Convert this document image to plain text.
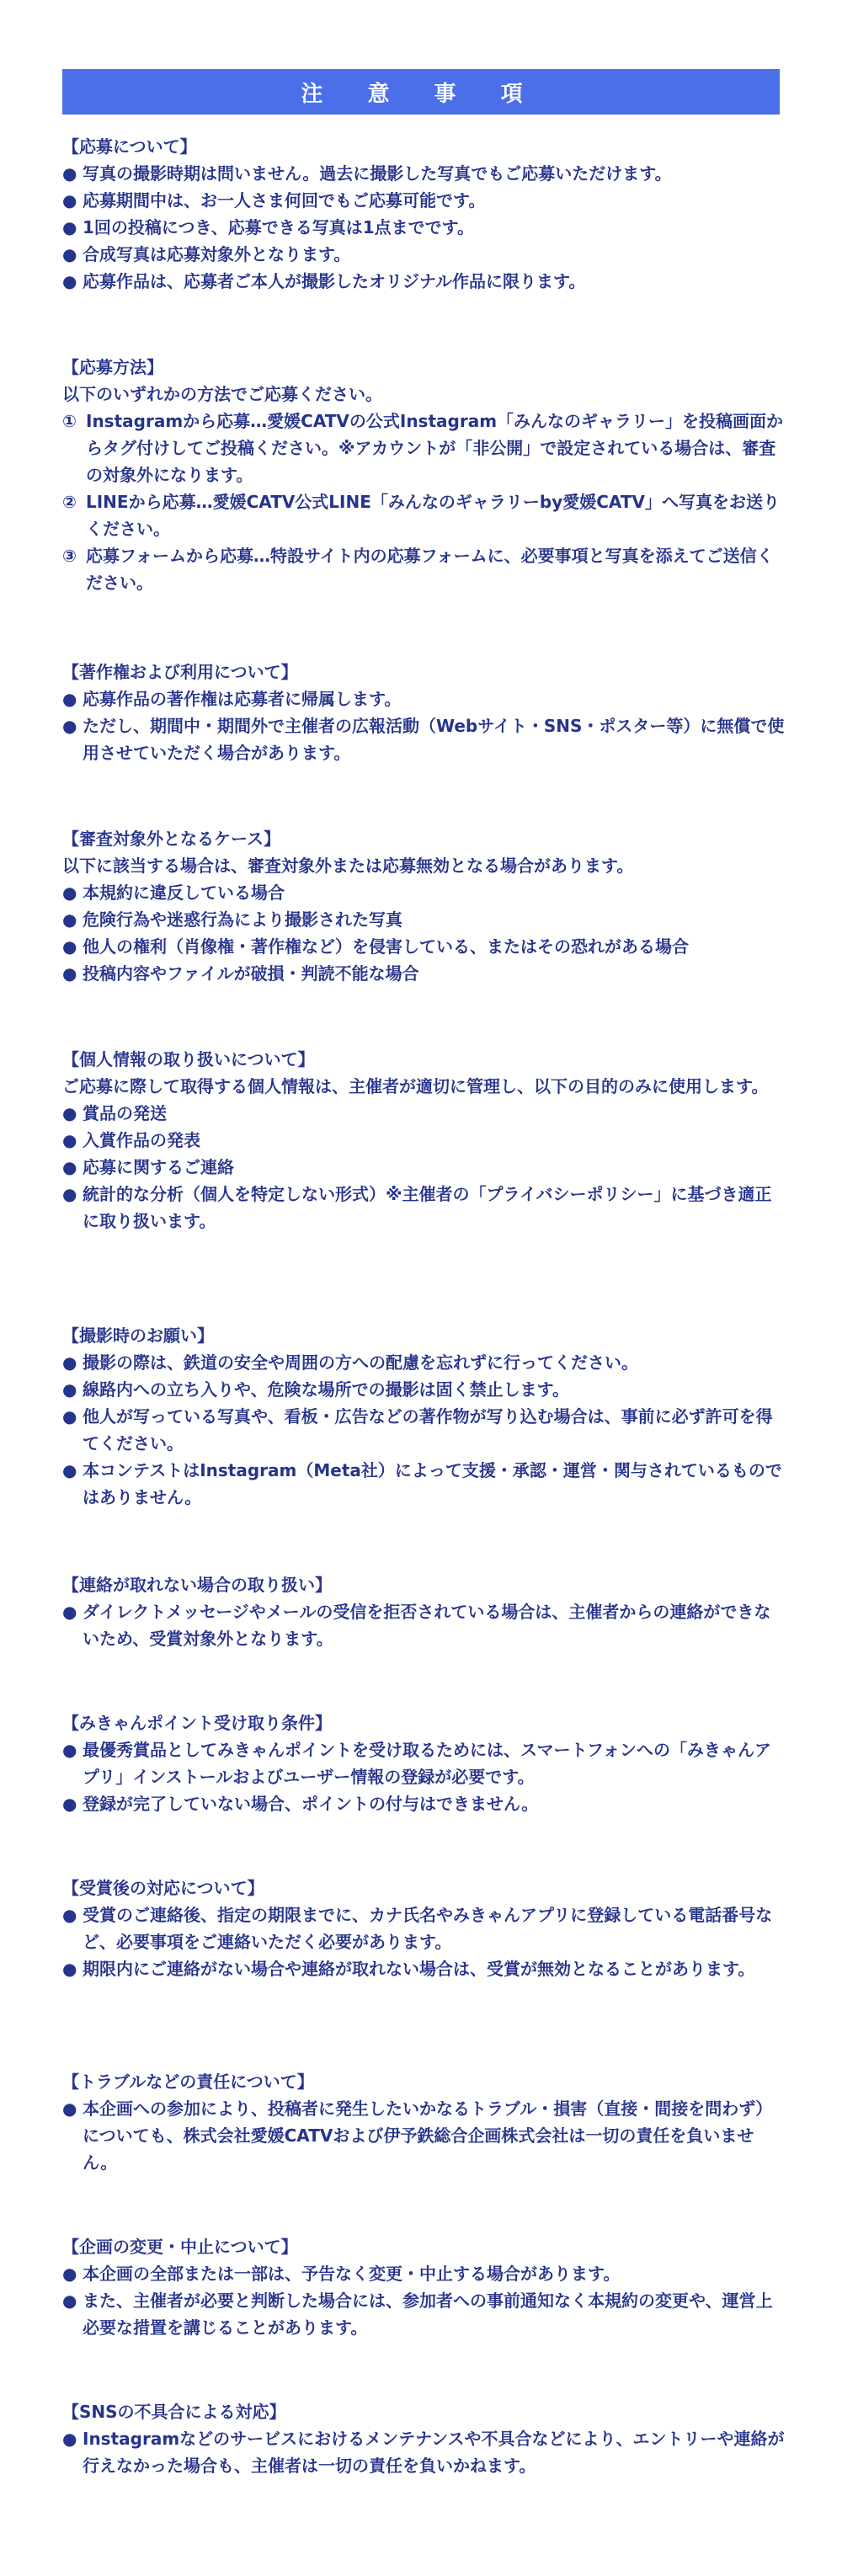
注 意 事 項

【応募について】

● 写真の撮影時期は問いません。過去に撮影した写真でもご応募いただけます。

● 応募期間中は、お一人さま何回でもご応募可能です。

● 1回の投稿につき、応募できる写真は1点までです。

● 合成写真は応募対象外となります。

● 応募作品は、応募者ご本人が撮影したオリジナル作品に限ります。

【応募方法】

以下のいずれかの方法でご応募ください。

① Instagramから応募…愛媛CATVの公式Instagram「みんなのギャラリー」を投稿画面からタグ付けしてご投稿ください。※アカウントが「非公開」で設定されている場合は、審査の対象外になります。

② LINEから応募…愛媛CATV公式LINE「みんなのギャラリーby愛媛CATV」へ写真をお送りください。

③ 応募フォームから応募…特設サイト内の応募フォームに、必要事項と写真を添えてご送信ください。

【著作権および利用について】

● 応募作品の著作権は応募者に帰属します。

● ただし、期間中・期間外で主催者の広報活動（Webサイト・SNS・ポスター等）に無償で使用させていただく場合があります。

【審査対象外となるケース】

以下に該当する場合は、審査対象外または応募無効となる場合があります。

● 本規約に違反している場合

● 危険行為や迷惑行為により撮影された写真

● 他人の権利（肖像権・著作権など）を侵害している、またはその恐れがある場合

● 投稿内容やファイルが破損・判読不能な場合

【個人情報の取り扱いについて】

ご応募に際して取得する個人情報は、主催者が適切に管理し、以下の目的のみに使用します。

● 賞品の発送

● 入賞作品の発表

● 応募に関するご連絡

● 統計的な分析（個人を特定しない形式）※主催者の「プライバシーポリシー」に基づき適正に取り扱います。

【撮影時のお願い】

● 撮影の際は、鉄道の安全や周囲の方への配慮を忘れずに行ってください。

● 線路内への立ち入りや、危険な場所での撮影は固く禁止します。

● 他人が写っている写真や、看板・広告などの著作物が写り込む場合は、事前に必ず許可を得てください。

● 本コンテストはInstagram（Meta社）によって支援・承認・運営・関与されているものではありません。

【連絡が取れない場合の取り扱い】

● ダイレクトメッセージやメールの受信を拒否されている場合は、主催者からの連絡ができないため、受賞対象外となります。

【みきゃんポイント受け取り条件】

● 最優秀賞品としてみきゃんポイントを受け取るためには、スマートフォンへの「みきゃんアプリ」インストールおよびユーザー情報の登録が必要です。

● 登録が完了していない場合、ポイントの付与はできません。

【受賞後の対応について】

● 受賞のご連絡後、指定の期限までに、カナ氏名やみきゃんアプリに登録している電話番号など、必要事項をご連絡いただく必要があります。

● 期限内にご連絡がない場合や連絡が取れない場合は、受賞が無効となることがあります。

【トラブルなどの責任について】

● 本企画への参加により、投稿者に発生したいかなるトラブル・損害（直接・間接を問わず）についても、株式会社愛媛CATVおよび伊予鉄総合企画株式会社は一切の責任を負いません。

【企画の変更・中止について】

● 本企画の全部または一部は、予告なく変更・中止する場合があります。

● また、主催者が必要と判断した場合には、参加者への事前通知なく本規約の変更や、運営上必要な措置を講じることがあります。

【SNSの不具合による対応】

● Instagramなどのサービスにおけるメンテナンスや不具合などにより、エントリーや連絡が行えなかった場合も、主催者は一切の責任を負いかねます。
